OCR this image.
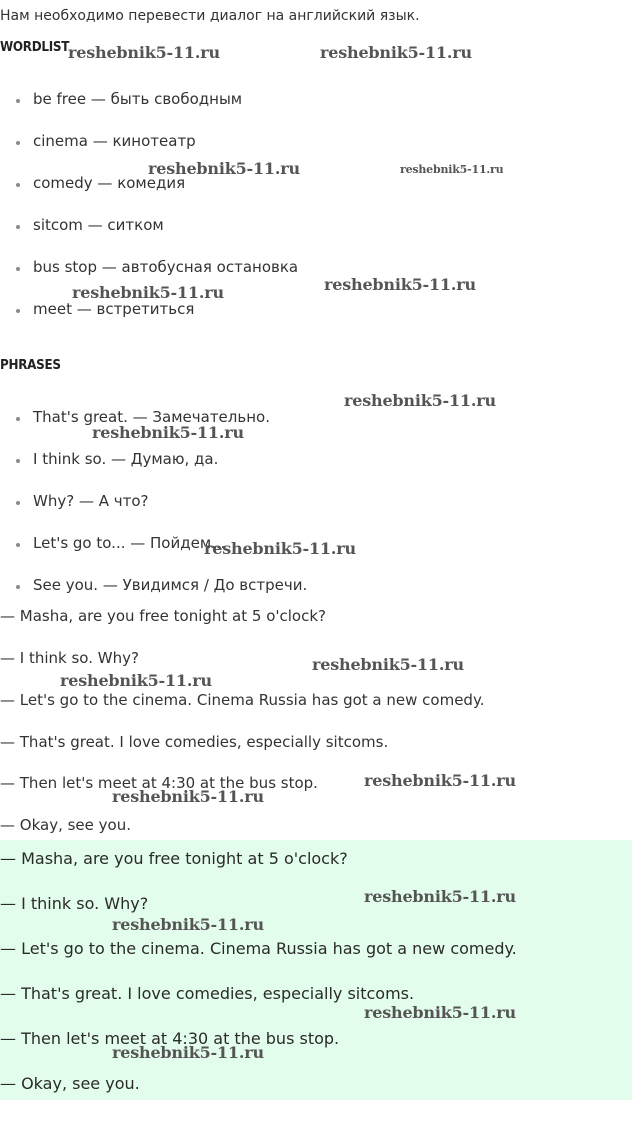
Нам необходимо перевести диалог на английский язык.
WORDLIST
be free — быть свободным
cinema — кинотеатр
comedy — комедия
sitcom — ситком
bus stop — автобусная остановка
meet — встретиться
PHRASES
That's great. — Замечательно.
I think so. — Думаю, да.
Why? — А что?
Let's go to... — Пойдем...
See you. — Увидимся / До встречи.
— Masha, are you free tonight at 5 o'clock?
— I think so. Why?
— Let's go to the cinema. Cinema Russia has got a new comedy.
— That's great. I love comedies, especially sitcoms.
— Then let's meet at 4:30 at the bus stop.
— Okay, see you.
— Masha, are you free tonight at 5 o'clock?
— I think so. Why?
— Let's go to the cinema. Cinema Russia has got a new comedy.
— That's great. I love comedies, especially sitcoms.
— Then let's meet at 4:30 at the bus stop.
— Okay, see you.
reshebnik5-11.ru	reshebnik5-11.ru
reshebnik5-11.ru	reshebnik5-11.ru
reshebnik5-11.ru	reshebnik5-11.ru
reshebnik5-11.ru
reshebnik5-11.ru
reshebnik5-11.ru
reshebnik5-11.ru
reshebnik5-11.ru
reshebnik5-11.ru
reshebnik5-11.ru
reshebnik5-11.ru
reshebnik5-11.ru
reshebnik5-11.ru
reshebnik5-11.ru
